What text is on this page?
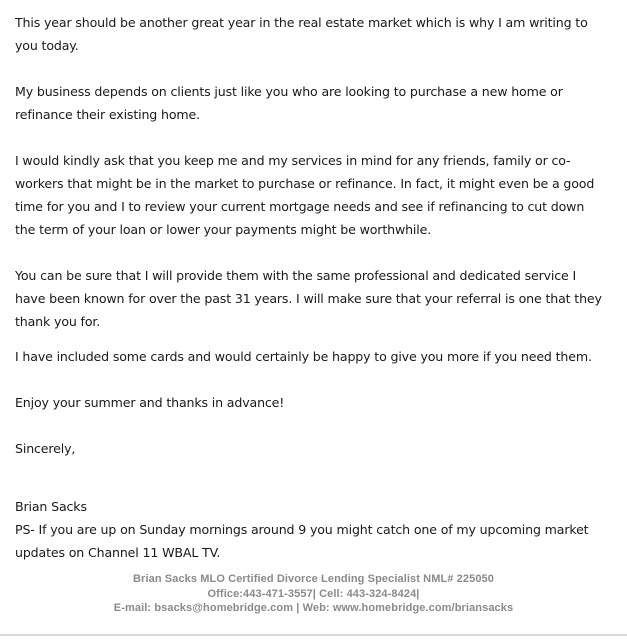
This year should be another great year in the real estate market which is why I am writing to
you today.

My business depends on clients just like you who are looking to purchase a new home or
refinance their existing home.

I would kindly ask that you keep me and my services in mind for any friends, family or co-
workers that might be in the market to purchase or refinance. In fact, it might even be a good
time for you and I to review your current mortgage needs and see if refinancing to cut down
the term of your loan or lower your payments might be worthwhile.

You can be sure that I will provide them with the same professional and dedicated service I
have been known for over the past 31 years. I will make sure that your referral is one that they
thank you for.

I have included some cards and would certainly be happy to give you more if you need them.

Enjoy your summer and thanks in advance!

Sincerely,

Brian Sacks

PS- If you are up on Sunday mornings around 9 you might catch one of my upcoming market
updates on Channel 11 WBAL TV.

Brian Sacks MLO Certified Divorce Lending Specialist NML# 225050
Office:443-471-3557| Cell: 443-324-8424|
E-mail: bsacks@homebridge.com | Web: www.homebridge.com/briansacks
